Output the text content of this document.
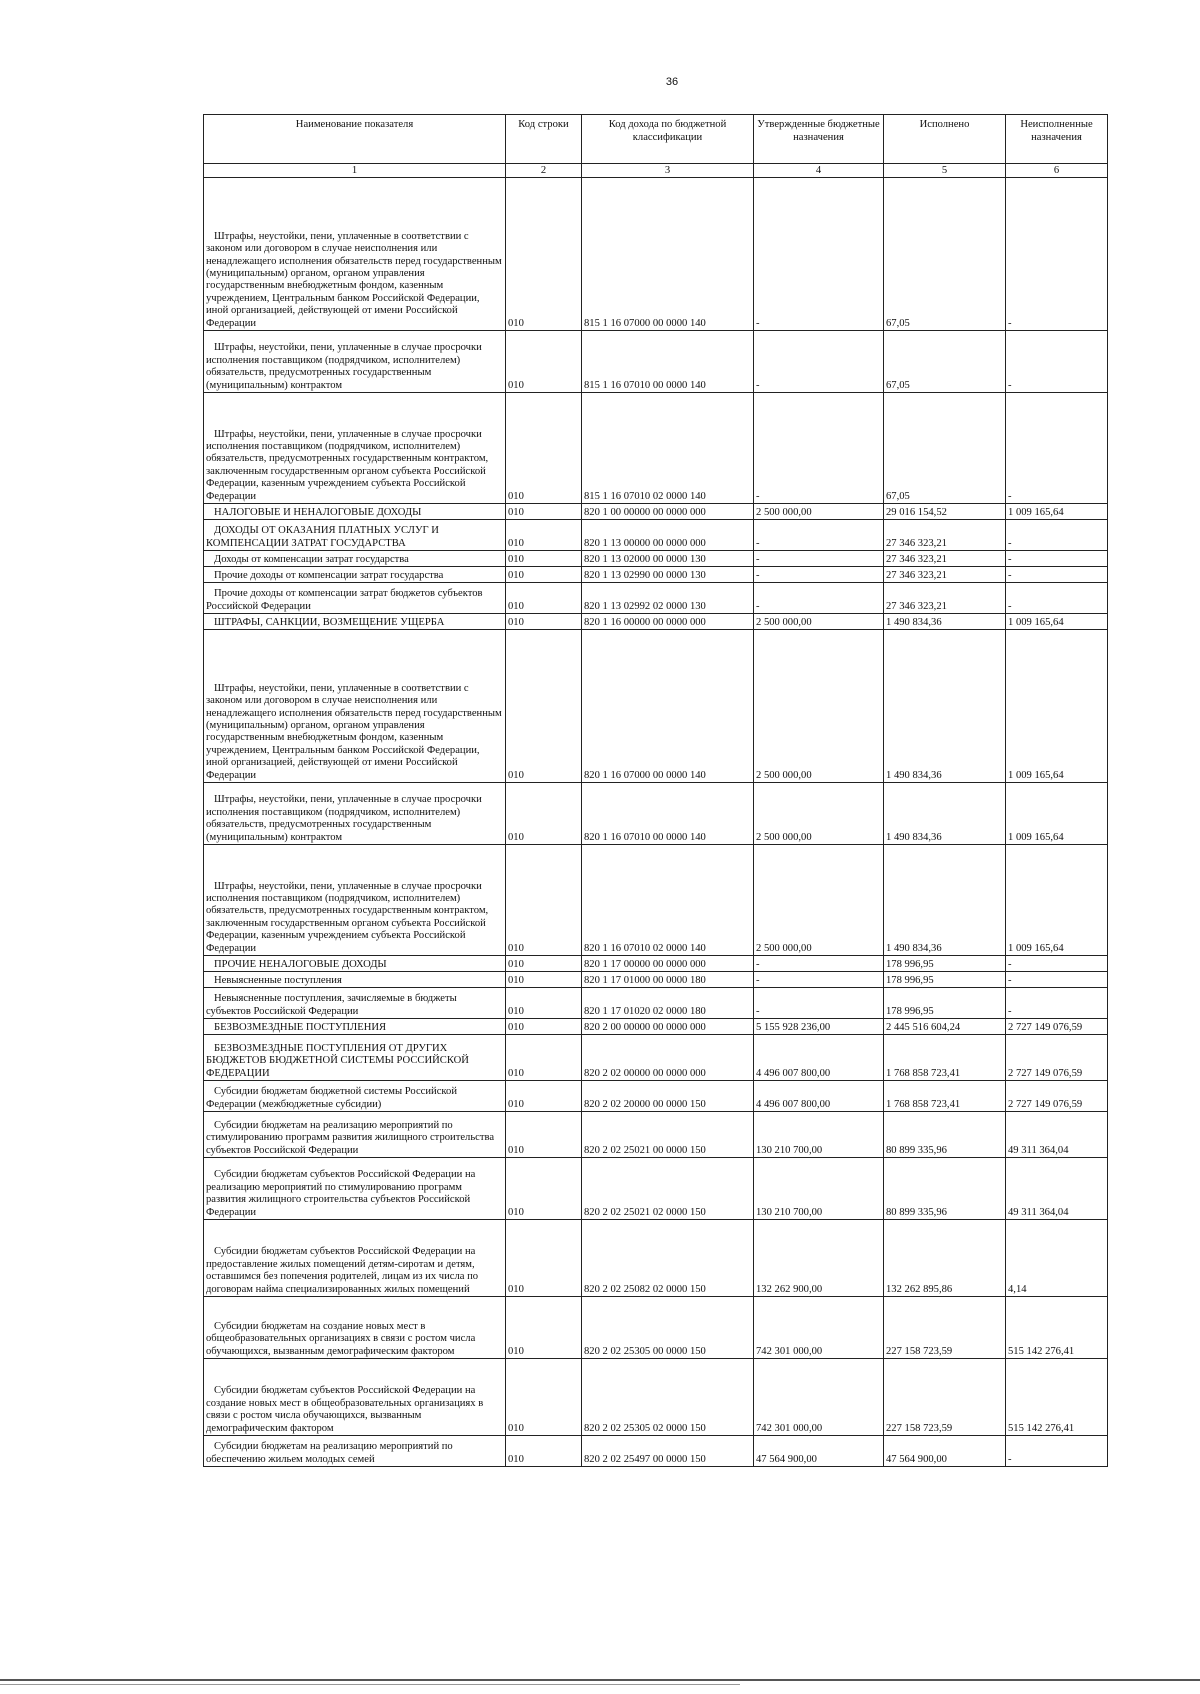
36
Наименование показателя	Код строки	Код дохода по бюджетной классификации	Утвержденные бюджетные назначения	Исполнено	Неисполненные назначения
1	2	3	4	5	6

Штрафы, неустойки, пени, уплаченные в соответствии с законом или договором в случае неисполнения или ненадлежащего исполнения обязательств перед государственным (муниципальным) органом, органом управления государственным внебюджетным фондом, казенным учреждением, Центральным банком Российской Федерации, иной организацией, действующей от имени Российской Федерации	010	815 1 16 07000 00 0000 140	-	67,05	-

Штрафы, неустойки, пени, уплаченные в случае просрочки исполнения поставщиком (подрядчиком, исполнителем) обязательств, предусмотренных государственным (муниципальным) контрактом	010	815 1 16 07010 00 0000 140	-	67,05	-

Штрафы, неустойки, пени, уплаченные в случае просрочки исполнения поставщиком (подрядчиком, исполнителем) обязательств, предусмотренных государственным контрактом, заключенным государственным органом субъекта Российской Федерации, казенным учреждением субъекта Российской Федерации	010	815 1 16 07010 02 0000 140	-	67,05	-

НАЛОГОВЫЕ И НЕНАЛОГОВЫЕ ДОХОДЫ	010	820 1 00 00000 00 0000 000	2 500 000,00	29 016 154,52	1 009 165,64

ДОХОДЫ ОТ ОКАЗАНИЯ ПЛАТНЫХ УСЛУГ И КОМПЕНСАЦИИ ЗАТРАТ ГОСУДАРСТВА	010	820 1 13 00000 00 0000 000	-	27 346 323,21	-

Доходы от компенсации затрат государства	010	820 1 13 02000 00 0000 130	-	27 346 323,21	-

Прочие доходы от компенсации затрат государства	010	820 1 13 02990 00 0000 130	-	27 346 323,21	-

Прочие доходы от компенсации затрат бюджетов субъектов Российской Федерации	010	820 1 13 02992 02 0000 130	-	27 346 323,21	-

ШТРАФЫ, САНКЦИИ, ВОЗМЕЩЕНИЕ УЩЕРБА	010	820 1 16 00000 00 0000 000	2 500 000,00	1 490 834,36	1 009 165,64

Штрафы, неустойки, пени, уплаченные в соответствии с законом или договором в случае неисполнения или ненадлежащего исполнения обязательств перед государственным (муниципальным) органом, органом управления государственным внебюджетным фондом, казенным учреждением, Центральным банком Российской Федерации, иной организацией, действующей от имени Российской Федерации	010	820 1 16 07000 00 0000 140	2 500 000,00	1 490 834,36	1 009 165,64

Штрафы, неустойки, пени, уплаченные в случае просрочки исполнения поставщиком (подрядчиком, исполнителем) обязательств, предусмотренных государственным (муниципальным) контрактом	010	820 1 16 07010 00 0000 140	2 500 000,00	1 490 834,36	1 009 165,64

Штрафы, неустойки, пени, уплаченные в случае просрочки исполнения поставщиком (подрядчиком, исполнителем) обязательств, предусмотренных государственным контрактом, заключенным государственным органом субъекта Российской Федерации, казенным учреждением субъекта Российской Федерации	010	820 1 16 07010 02 0000 140	2 500 000,00	1 490 834,36	1 009 165,64

ПРОЧИЕ НЕНАЛОГОВЫЕ ДОХОДЫ	010	820 1 17 00000 00 0000 000	-	178 996,95	-

Невыясненные поступления	010	820 1 17 01000 00 0000 180	-	178 996,95	-

Невыясненные поступления, зачисляемые в бюджеты субъектов Российской Федерации	010	820 1 17 01020 02 0000 180	-	178 996,95	-

БЕЗВОЗМЕЗДНЫЕ ПОСТУПЛЕНИЯ	010	820 2 00 00000 00 0000 000	5 155 928 236,00	2 445 516 604,24	2 727 149 076,59

БЕЗВОЗМЕЗДНЫЕ ПОСТУПЛЕНИЯ ОТ ДРУГИХ БЮДЖЕТОВ БЮДЖЕТНОЙ СИСТЕМЫ РОССИЙСКОЙ ФЕДЕРАЦИИ	010	820 2 02 00000 00 0000 000	4 496 007 800,00	1 768 858 723,41	2 727 149 076,59

Субсидии бюджетам бюджетной системы Российской Федерации (межбюджетные субсидии)	010	820 2 02 20000 00 0000 150	4 496 007 800,00	1 768 858 723,41	2 727 149 076,59

Субсидии бюджетам на реализацию мероприятий по стимулированию программ развития жилищного строительства субъектов Российской Федерации	010	820 2 02 25021 00 0000 150	130 210 700,00	80 899 335,96	49 311 364,04

Субсидии бюджетам субъектов Российской Федерации на реализацию мероприятий по стимулированию программ развития жилищного строительства субъектов Российской Федерации	010	820 2 02 25021 02 0000 150	130 210 700,00	80 899 335,96	49 311 364,04

Субсидии бюджетам субъектов Российской Федерации на предоставление жилых помещений детям-сиротам и детям, оставшимся без попечения родителей, лицам из их числа по договорам найма специализированных жилых помещений	010	820 2 02 25082 02 0000 150	132 262 900,00	132 262 895,86	4,14

Субсидии бюджетам на создание новых мест в общеобразовательных организациях в связи с ростом числа обучающихся, вызванным демографическим фактором	010	820 2 02 25305 00 0000 150	742 301 000,00	227 158 723,59	515 142 276,41

Субсидии бюджетам субъектов Российской Федерации на создание новых мест в общеобразовательных организациях в связи с ростом числа обучающихся, вызванным демографическим фактором	010	820 2 02 25305 02 0000 150	742 301 000,00	227 158 723,59	515 142 276,41

Субсидии бюджетам на реализацию мероприятий по обеспечению жильем молодых семей	010	820 2 02 25497 00 0000 150	47 564 900,00	47 564 900,00	-
